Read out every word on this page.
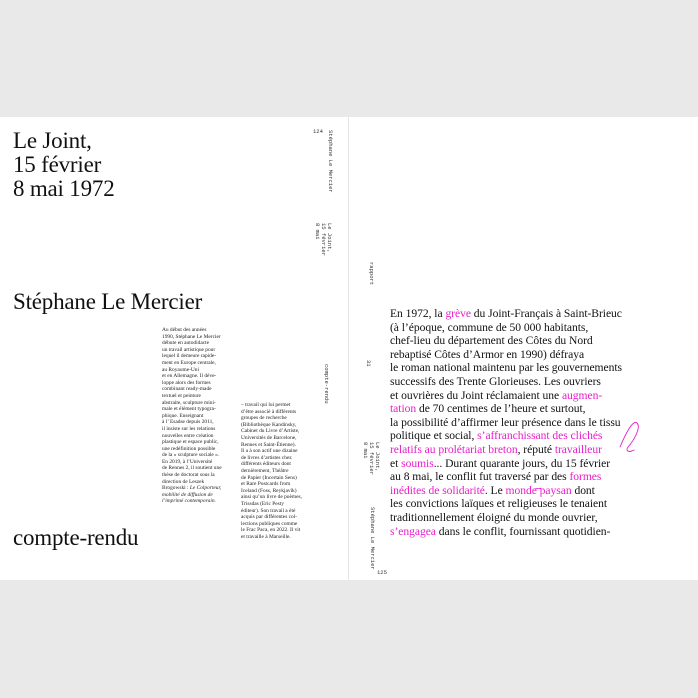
Le Joint,
15 février
8 mai 1972
Stéphane Le Mercier
Au début des années
1990, Stéphane Le Mercier
débute en autodidacte
un travail artistique pour
lequel il demeure rapide-
ment en Europe centrale,
au Royaume-Uni
et en Allemagne. Il déve-
loppe alors des formes
combinant ready-made
textuel et peinture
abstraite, sculpture mini-
male et élément typogra-
phique. Enseignant
à l’ Esadse depuis 2011,
il insiste sur les relations
nouvelles entre création
plastique et espace public,
une redéfinition possible
de la « sculpture sociale ».
En 2019, à l’Université
de Rennes 2, il soutient une
thèse de doctorat sous la
direction de Leszek
Brogowski : Le Colporteur,
mobilité de diffusion de
l’imprimé contemporain.
– travail qui lui permet
d’être associé à différents
groupes de recherche
(Bibliothèque Kandinsky,
Cabinet du Livre d’Artiste,
Universités de Barcelone,
Rennes et Saint-Étienne).
Il a à son actif une dizaine
de livres d’artistes chez
différents éditeurs dont
dernièrement, Théâtre
de Papier (Incertain Sens)
et Rare Postcards from
Iceland (Foss, Reykjavík)
ainsi qu’un livre de poèmes,
Trissdas (Eric Pesty
éditeur). Son travail a été
acquis par différentes col-
lections publiques comme
le Frac Paca, en 2022. Il vit
et travaille à Marseille.
compte-rendu
124 Stéphane Le Mercier
Le Joint,
15 février
8 mai
compte-rendu
rapport
31
Le Joint,
15 février
8 mai
Stéphane Le Mercier
125

En 1972, la grève du Joint-Français à Saint-Brieuc

(à l’époque, commune de 50 000 habitants,

chef-lieu du département des Côtes du Nord

rebaptisé Côtes d’Armor en 1990) défraya

le roman national maintenu par les gouvernements

successifs des Trente Glorieuses. Les ouvriers

et ouvrières du Joint réclamaient une augmen-

tation de 70 centimes de l’heure et surtout,

la possibilité d’affirmer leur présence dans le tissu

politique et social, s’affranchissant des clichés

relatifs au prolétariat breton, réputé travailleur

et soumis... Durant quarante jours, du 15 février

au 8 mai, le conflit fut traversé par des formes

inédites de solidarité. Le monde paysan dont

les convictions laïques et religieuses le tenaient

traditionnellement éloigné du monde ouvrier,

s’engagea dans le conflit, fournissant quotidien-
